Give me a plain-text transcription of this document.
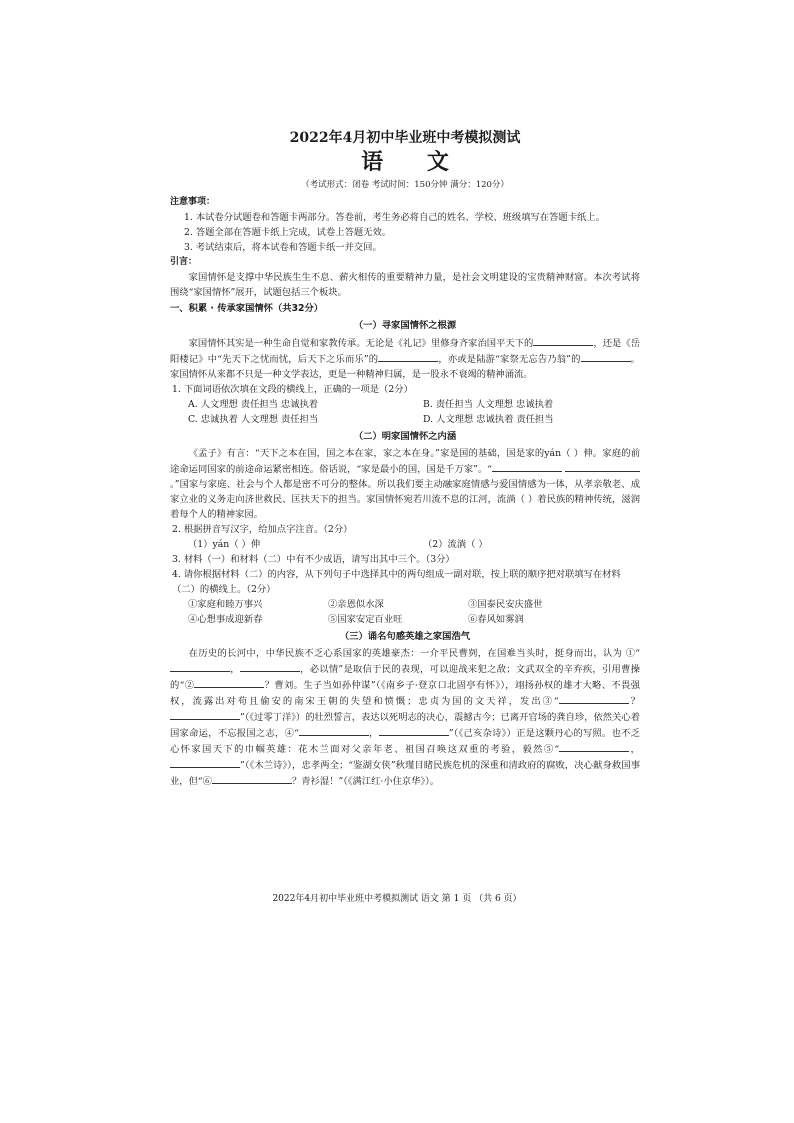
2022年4月初中毕业班中考模拟测试

语 文

（考试形式：闭卷 考试时间：150分钟 满分：120分）

注意事项：

1. 本试卷分试题卷和答题卡两部分。答卷前，考生务必将自己的姓名、学校、班级填写在答题卡纸上。

2. 答题全部在答题卡纸上完成，试卷上答题无效。

3. 考试结束后，将本试卷和答题卡纸一并交回。

引言：

家国情怀是支撑中华民族生生不息、薪火相传的重要精神力量，是社会文明建设的宝贵精神财富。本次考试将围绕“家国情怀”展开，试题包括三个板块。

一、积累 · 传承家国情怀（共32分）

（一）寻家国情怀之根源

家国情怀其实是一种生命自觉和家教传承。无论是《礼记》里修身齐家治国平天下的	，还是《岳阳楼记》中“先天下之忧而忧，后天下之乐而乐”的	，亦或是陆游“家祭无忘告乃翁”的	。家国情怀从来都不只是一种文学表达，更是一种精神归属，是一股永不衰竭的精神涌流。

1. 下面词语依次填在文段的横线上，正确的一项是（2分）

A. 人文理想 责任担当 忠诚执着	B. 责任担当 人文理想 忠诚执着
C. 忠诚执着 人文理想 责任担当	D. 人文理想 忠诚执着 责任担当

（二）明家国情怀之内涵

《孟子》有言：“天下之本在国，国之本在家，家之本在身。”家是国的基础，国是家的yán（ ）伸。家庭的前途命运同国家的前途命运紧密相连。俗话说，“家是最小的国，国是千万家”。“ 。”国家与家庭、社会与个人都是密不可分的整体。所以我们要主动融家庭情感与爱国情感为一体，从孝亲敬老、成家立业的义务走向济世救民、匡扶天下的担当。家国情怀宛若川流不息的江河，流淌（ ）着民族的精神传统，滋润着每个人的精神家园。

2. 根据拼音写汉字，给加点字注音。（2分）

（1）yán（ ）伸	（2）流淌（ ）

3. 材料（一）和材料（二）中有不少成语，请写出其中三个。（3分）

4. 请你根据材料（二）的内容，从下列句子中选择其中的两句组成一副对联，按上联的顺序把对联填写在材料（二）的横线上。（2分）

①家庭和睦万事兴	②亲恩似水深	③国泰民安庆盛世
④心想事成迎新春	⑤国家安定百业旺	⑥春风如雾润

（三）诵名句感英雄之家国浩气

在历史的长河中，中华民族不乏心系国家的英雄豪杰：一介平民曹刿，在国难当头时，挺身而出，认为 ①“，	，必以情”是取信于民的表现，可以迎战来犯之敌；文武双全的辛弃疾，引用曹操的“②	？曹刘。生子当如孙仲谋”（《南乡子·登京口北固亭有怀》），翊扬孙权的雄才大略、不畏强权，流露出对苟且偷安的南宋王朝的失望和愤慨；忠贞为国的文天祥，发出③“	？”（《过零丁洋》）的壮烈誓言，表达以死明志的决心，震撼古今；已离开官场的龚自珍，依然关心着国家命运，不忘报国之志，④“	，	”（《己亥杂诗》）正是这颗丹心的写照。也不乏心怀家国天下的巾帼英雄：花木兰面对父亲年老、祖国召唤这双重的考验，毅然⑤“	，”（《木兰诗》），忠孝两全；“鉴湖女侠”秋瑾目睹民族危机的深重和清政府的腐败，决心献身救国事业，但“⑥	？青衫湿！”（《满江红·小住京华》）。

2022年4月初中毕业班中考模拟测试 语文 第 1 页 （共 6 页）
